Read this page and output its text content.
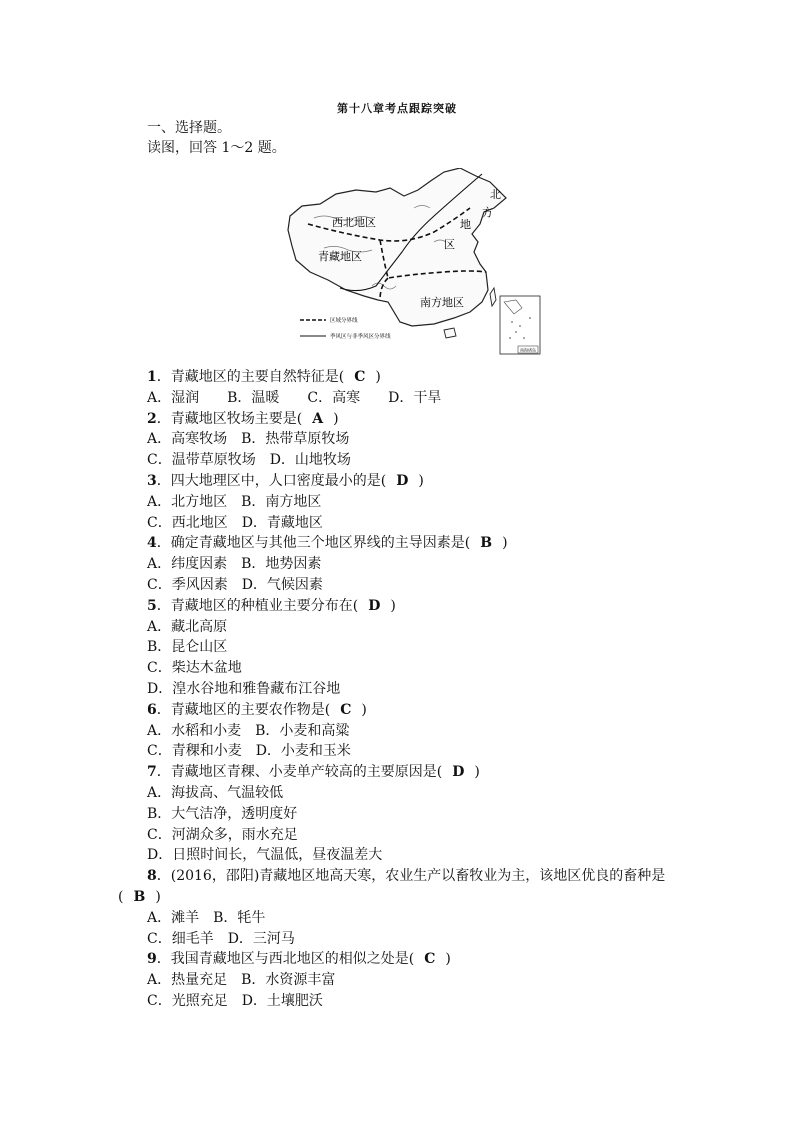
第十八章考点跟踪突破
一、选择题。
读图，回答 1～2 题。
西北地区
青藏地区
北
方
地
区
南方地区
区域分界线
季风区与非季风区分界线
南海诸岛
1．青藏地区的主要自然特征是( C )
A．湿润　　B．温暖　　C．高寒　　D．干旱
2．青藏地区牧场主要是( A )
A．高寒牧场　B．热带草原牧场
C．温带草原牧场　D．山地牧场
3．四大地理区中，人口密度最小的是( D )
A．北方地区　B．南方地区
C．西北地区　D．青藏地区
4．确定青藏地区与其他三个地区界线的主导因素是( B )
A．纬度因素　B．地势因素
C．季风因素　D．气候因素
5．青藏地区的种植业主要分布在( D )
A．藏北高原
B．昆仑山区
C．柴达木盆地
D．湟水谷地和雅鲁藏布江谷地
6．青藏地区的主要农作物是( C )
A．水稻和小麦　B．小麦和高粱
C．青稞和小麦　D．小麦和玉米
7．青藏地区青稞、小麦单产较高的主要原因是( D )
A．海拔高、气温较低
B．大气洁净，透明度好
C．河湖众多，雨水充足
D．日照时间长，气温低，昼夜温差大
8．(2016，邵阳)青藏地区地高天寒，农业生产以畜牧业为主，该地区优良的畜种是
( B )
A．滩羊　B．牦牛
C．细毛羊　D．三河马
9．我国青藏地区与西北地区的相似之处是( C )
A．热量充足　B．水资源丰富
C．光照充足　D．土壤肥沃
